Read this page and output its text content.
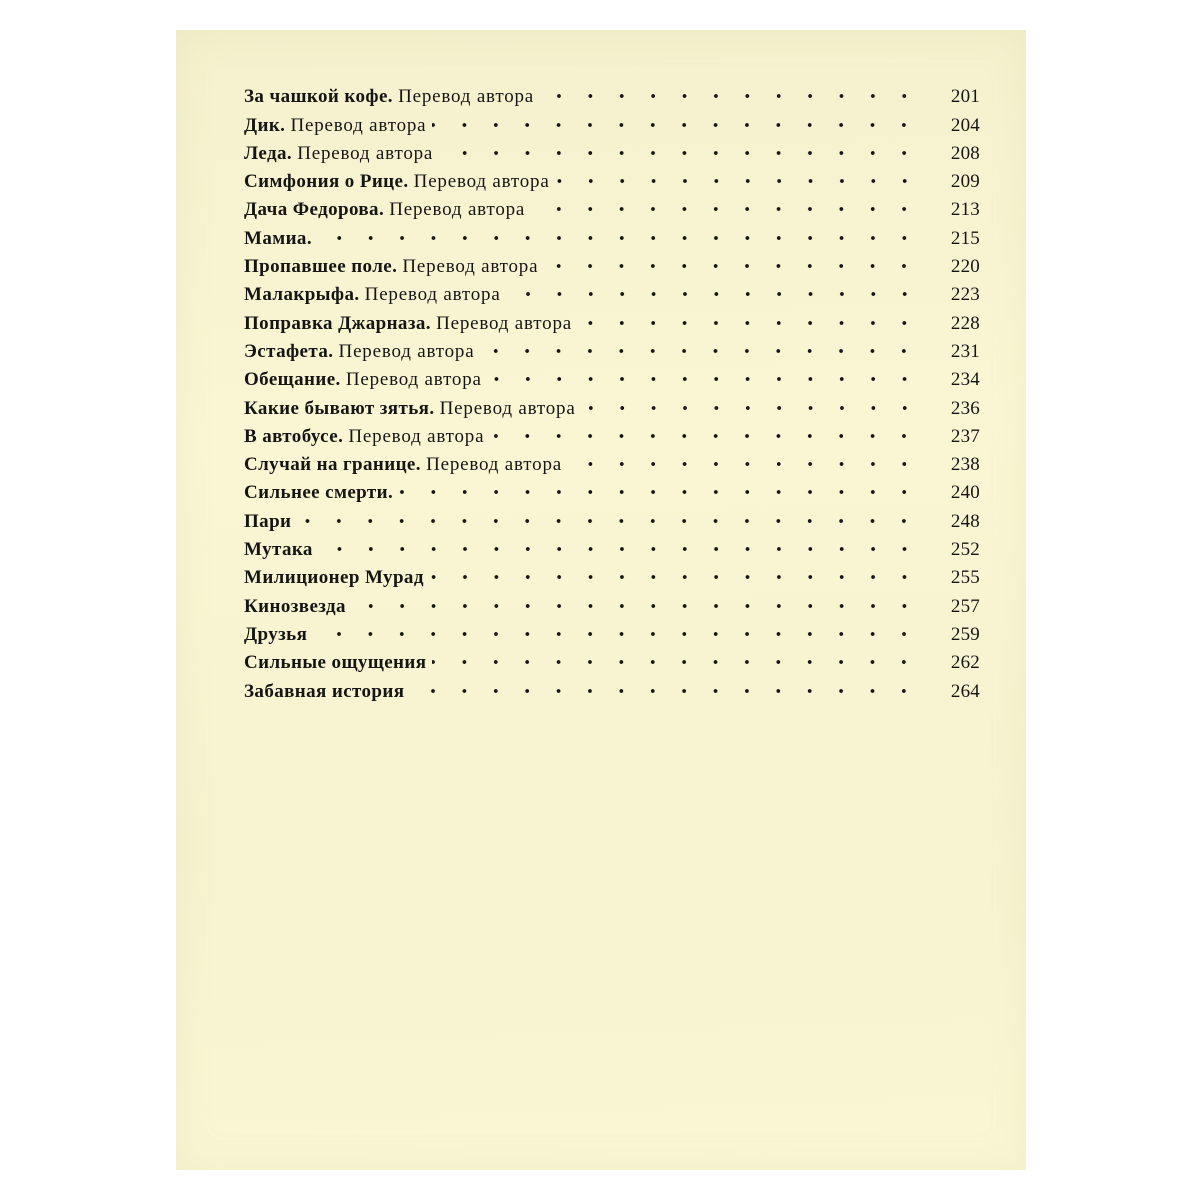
За чашкой кофе. Перевод автора	201
Дик. Перевод автора	204
Леда. Перевод автора	208
Симфония о Рице. Перевод автора	209
Дача Федорова. Перевод автора	213
Мамиа.	215
Пропавшее поле. Перевод автора	220
Малакрыфа. Перевод автора	223
Поправка Джарназа. Перевод автора	228
Эстафета. Перевод автора	231
Обещание. Перевод автора	234
Какие бывают зятья. Перевод автора	236
В автобусе. Перевод автора	237
Случай на границе. Перевод автора	238
Сильнее смерти.	240
Пари	248
Мутака	252
Милиционер Мурад	255
Кинозвезда	257
Друзья	259
Сильные ощущения	262
Забавная история	264
